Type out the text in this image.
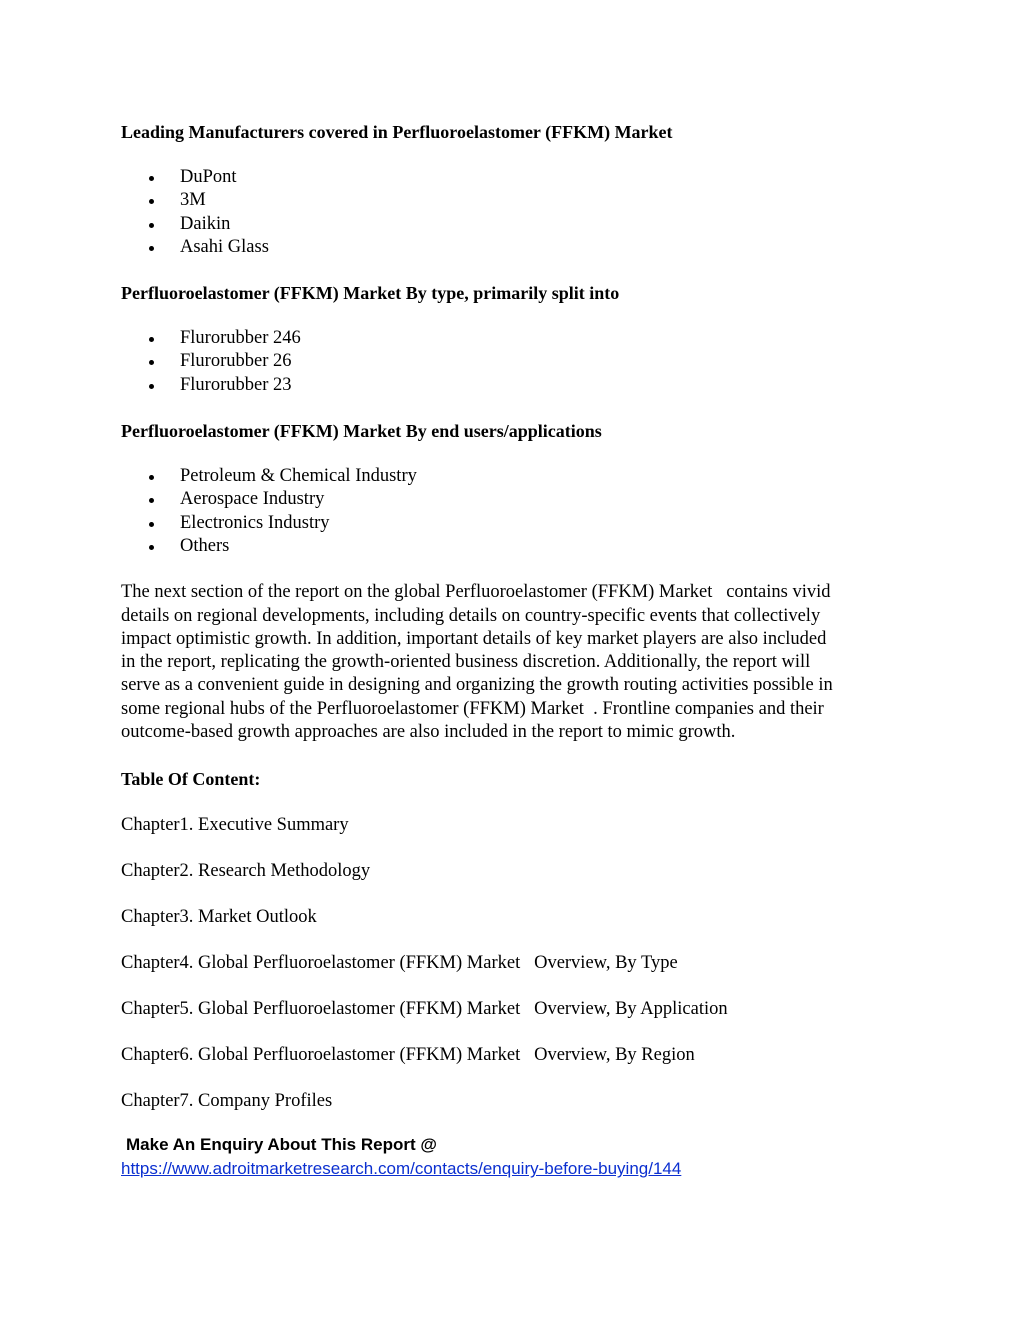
Leading Manufacturers covered in Perfluoroelastomer (FFKM) Market

DuPont
3M
Daikin
Asahi Glass

Perfluoroelastomer (FFKM) Market By type, primarily split into

Flurorubber 246
Flurorubber 26
Flurorubber 23

Perfluoroelastomer (FFKM) Market By end users/applications

Petroleum & Chemical Industry
Aerospace Industry
Electronics Industry
Others
The next section of the report on the global Perfluoroelastomer (FFKM) Market   contains vivid
details on regional developments, including details on country-specific events that collectively
impact optimistic growth. In addition, important details of key market players are also included
in the report, replicating the growth-oriented business discretion. Additionally, the report will
serve as a convenient guide in designing and organizing the growth routing activities possible in
some regional hubs of the Perfluoroelastomer (FFKM) Market  . Frontline companies and their
outcome-based growth approaches are also included in the report to mimic growth.

Table Of Content:

Chapter1. Executive Summary

Chapter2. Research Methodology

Chapter3. Market Outlook

Chapter4. Global Perfluoroelastomer (FFKM) Market   Overview, By Type

Chapter5. Global Perfluoroelastomer (FFKM) Market   Overview, By Application

Chapter6. Global Perfluoroelastomer (FFKM) Market   Overview, By Region

Chapter7. Company Profiles

Make An Enquiry About This Report @

https://www.adroitmarketresearch.com/contacts/enquiry-before-buying/144
